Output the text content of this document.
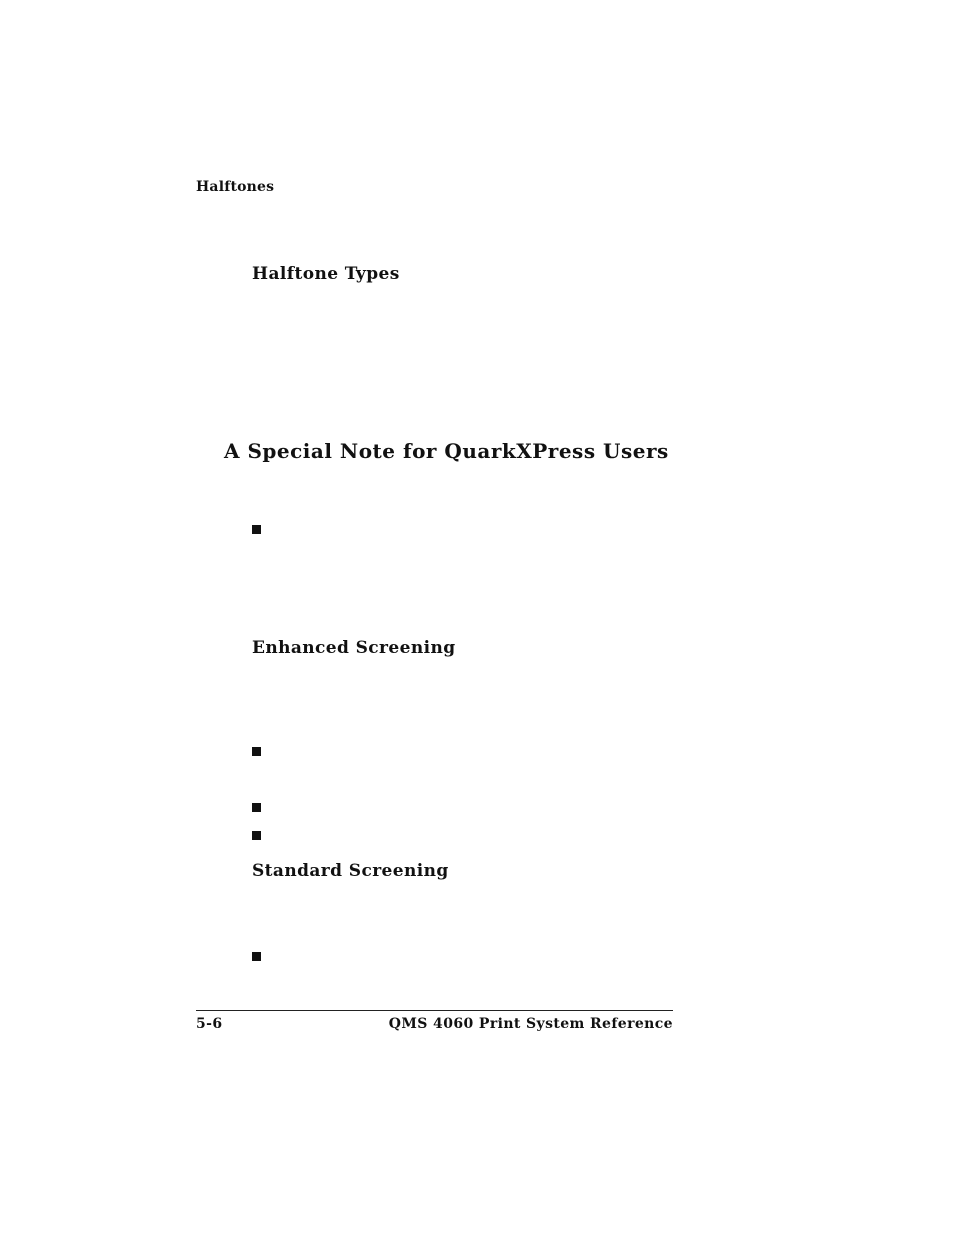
Halftones
Halftone Types
A Special Note for QuarkXPress Users
Enhanced Screening
Standard Screening
5-6	QMS 4060 Print System Reference
